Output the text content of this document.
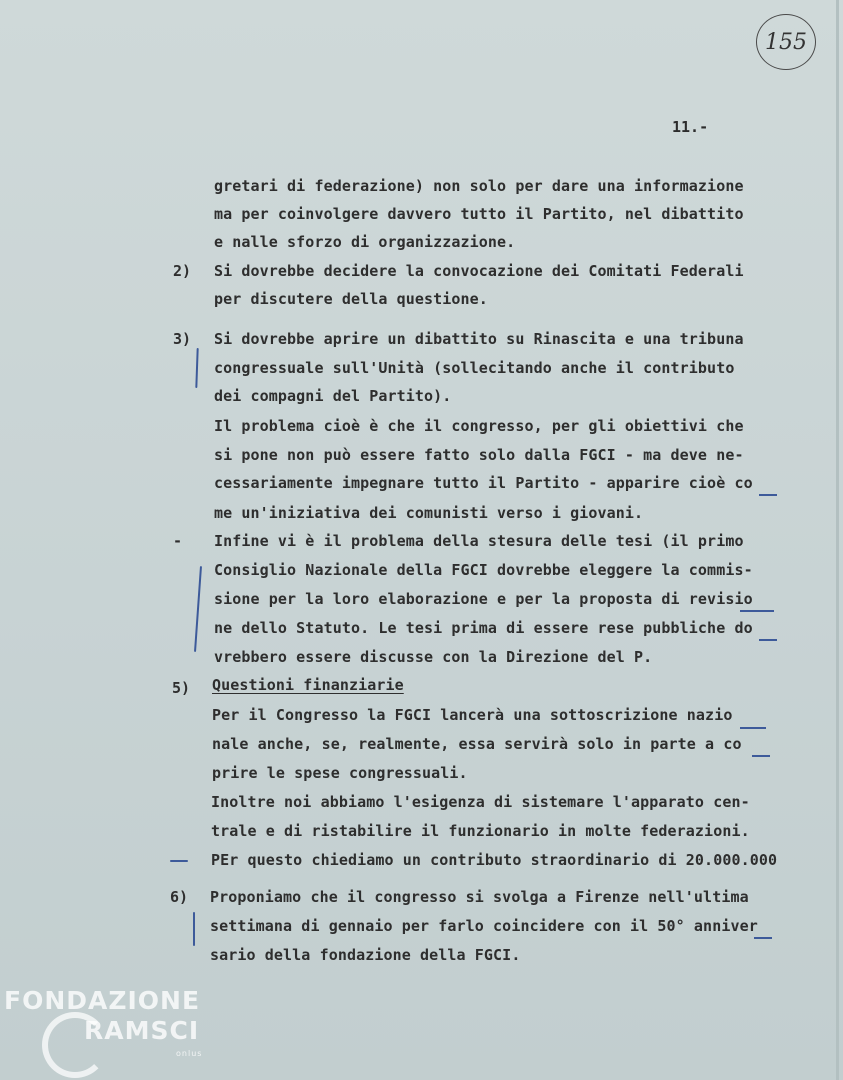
155
11.-
2)
3)
-
5)
6)
gretari di federazione) non solo per dare una informazione
ma per coinvolgere davvero tutto il Partito, nel dibattito
e nalle sforzo di organizzazione.
Si dovrebbe decidere la convocazione dei Comitati Federali
per discutere della questione.
Si dovrebbe aprire un dibattito su Rinascita e una tribuna
congressuale sull'Unità (sollecitando anche il contributo
dei compagni del Partito).
Il problema cioè è che il congresso, per gli obiettivi che
si pone non può essere fatto solo dalla FGCI - ma deve ne-
cessariamente impegnare tutto il Partito - apparire cioè co
me un'iniziativa dei comunisti verso i giovani.
Infine vi è il problema della stesura delle tesi (il primo
Consiglio Nazionale della FGCI dovrebbe eleggere la commis-
sione per la loro elaborazione e per la proposta di revisio
ne dello Statuto. Le tesi prima di essere rese pubbliche do
vrebbero essere discusse con la Direzione del P.
Questioni finanziarie
Per il Congresso la FGCI lancerà una sottoscrizione nazio
nale anche, se, realmente, essa servirà solo in parte a co
prire le spese congressuali.
Inoltre noi abbiamo l'esigenza di sistemare l'apparato cen-
trale e di ristabilire il funzionario in molte federazioni.
PEr questo chiediamo un contributo straordinario di 20.000.000
Proponiamo che il congresso si svolga a Firenze nell'ultima
settimana di gennaio per farlo coincidere con il 50° anniver
sario della fondazione della FGCI.
FONDAZIONE
RAMSCI
onlus
